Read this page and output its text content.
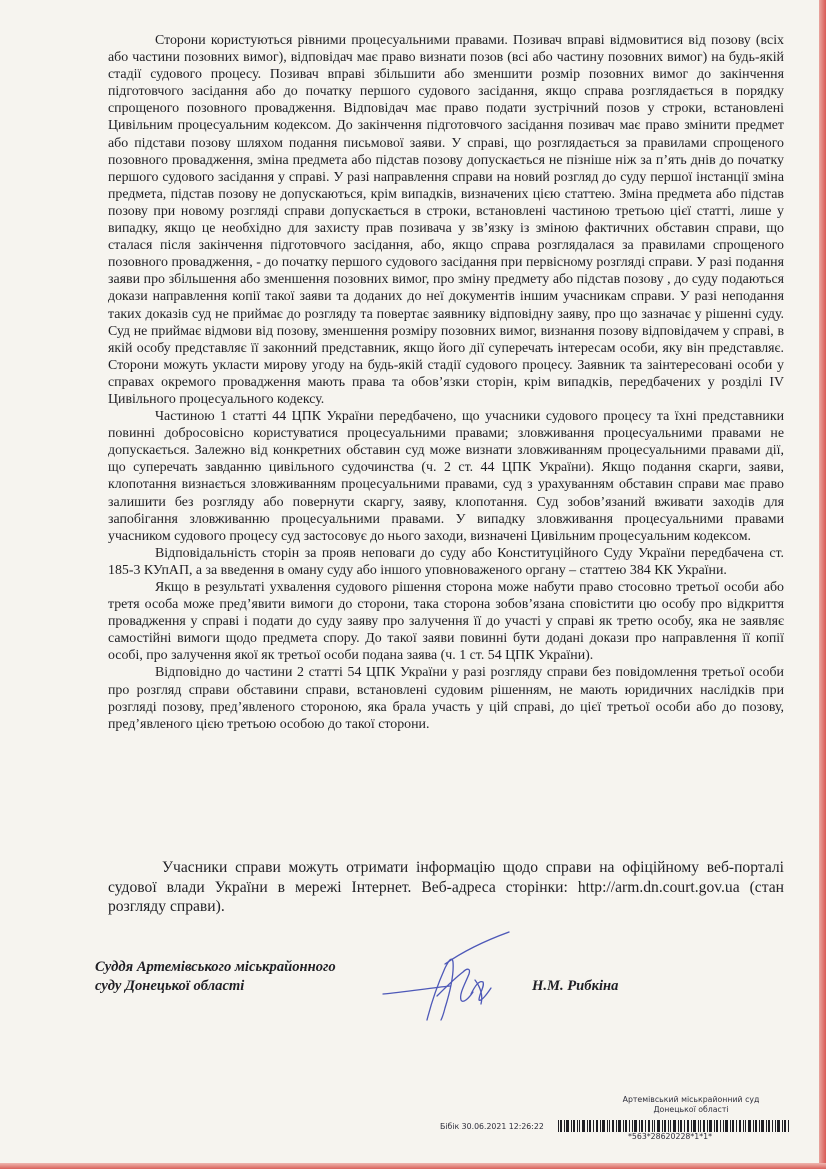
Сторони користуються рівними процесуальними правами. Позивач вправі відмовитися від позову (всіх або частини позовних вимог), відповідач має право визнати позов (всі або частину позовних вимог) на будь-якій стадії судового процесу. Позивач вправі збільшити або зменшити розмір позовних вимог до закінчення підготовчого засідання або до початку першого судового засідання, якщо справа розглядається в порядку спрощеного позовного провадження. Відповідач має право подати зустрічний позов у строки, встановлені Цивільним процесуальним кодексом. До закінчення підготовчого засідання позивач має право змінити предмет або підстави позову шляхом подання письмової заяви. У справі, що розглядається за правилами спрощеного позовного провадження, зміна предмета або підстав позову допускається не пізніше ніж за п’ять днів до початку першого судового засідання у справі. У разі направлення справи на новий розгляд до суду першої інстанції зміна предмета, підстав позову не допускаються, крім випадків, визначених цією статтею. Зміна предмета або підстав позову при новому розгляді справи допускається в строки, встановлені частиною третьою цієї статті, лише у випадку, якщо це необхідно для захисту прав позивача у зв’язку із зміною фактичних обставин справи, що сталася після закінчення підготовчого засідання, або, якщо справа розглядалася за правилами спрощеного позовного провадження, - до початку першого судового засідання при первісному розгляді справи. У разі подання заяви про збільшення або зменшення позовних вимог, про зміну предмету або підстав позову , до суду подаються докази направлення копії такої заяви та доданих до неї документів іншим учасникам справи. У разі неподання таких доказів суд не приймає до розгляду та повертає заявнику відповідну заяву, про що зазначає у рішенні суду. Суд не приймає відмови від позову, зменшення розміру позовних вимог, визнання позову відповідачем у справі, в якій особу представляє її законний представник, якщо його дії суперечать інтересам особи, яку він представляє. Сторони можуть укласти мирову угоду на будь-якій стадії судового процесу. Заявник та заінтересовані особи у справах окремого провадження мають права та обов’язки сторін, крім випадків, передбачених у розділі IV Цивільного процесуального кодексу.

Частиною 1 статті 44 ЦПК України передбачено, що учасники судового процесу та їхні представники повинні добросовісно користуватися процесуальними правами; зловживання процесуальними правами не допускається. Залежно від конкретних обставин суд може визнати зловживанням процесуальними правами дії, що суперечать завданню цивільного судочинства (ч. 2 ст. 44 ЦПК України). Якщо подання скарги, заяви, клопотання визнається зловживанням процесуальними правами, суд з урахуванням обставин справи має право залишити без розгляду або повернути скаргу, заяву, клопотання. Суд зобов’язаний вживати заходів для запобігання зловживанню процесуальними правами. У випадку зловживання процесуальними правами учасником судового процесу суд застосовує до нього заходи, визначені Цивільним процесуальним кодексом.

Відповідальність сторін за прояв неповаги до суду або Конституційного Суду України передбачена ст. 185-3 КУпАП, а за введення в оману суду або іншого уповноваженого органу – статтею 384 КК України.

Якщо в результаті ухвалення судового рішення сторона може набути право стосовно третьої особи або третя особа може пред’явити вимоги до сторони, така сторона зобов’язана сповістити цю особу про відкриття провадження у справі і подати до суду заяву про залучення її до участі у справі як третю особу, яка не заявляє самостійні вимоги щодо предмета спору. До такої заяви повинні бути додані докази про направлення її копії особі, про залучення якої як третьої особи подана заява (ч. 1 ст. 54 ЦПК України).

Відповідно до частини 2 статті 54 ЦПК України у разі розгляду справи без повідомлення третьої особи про розгляд справи обставини справи, встановлені судовим рішенням, не мають юридичних наслідків при розгляді позову, пред’явленого стороною, яка брала участь у цій справі, до цієї третьої особи або до позову, пред’явленого цією третьою особою до такої сторони.

Учасники справи можуть отримати інформацію щодо справи на офіційному веб-порталі судової влади України в мережі Інтернет. Веб-адреса сторінки: http://arm.dn.court.gov.ua (стан розгляду справи).

Суддя Артемівського міськрайонного
суду Донецької області	Н.М. Рибкіна
Артемівський міськрайонний суд
Донецької області
Бібік 30.06.2021 12:26:22
*563*28620228*1*1*
